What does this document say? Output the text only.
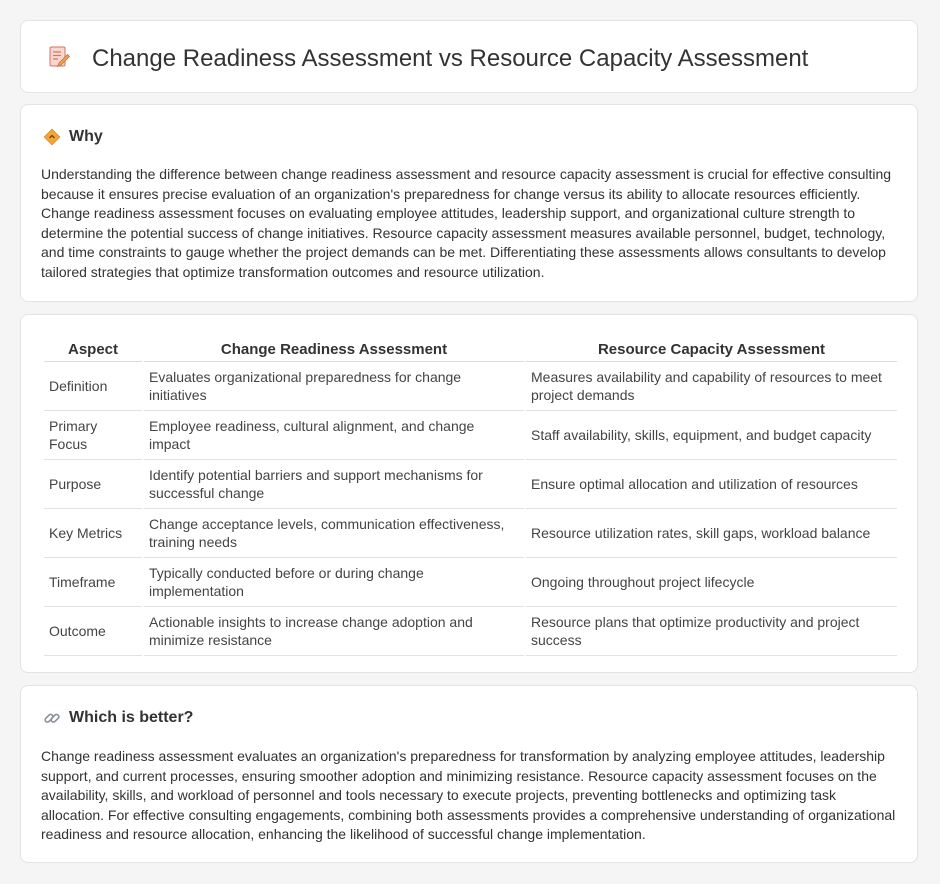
Change Readiness Assessment vs Resource Capacity Assessment
Why

Understanding the difference between change readiness assessment and resource capacity assessment is crucial for effective consulting because it ensures precise evaluation of an organization's preparedness for change versus its ability to allocate resources efficiently. Change readiness assessment focuses on evaluating employee attitudes, leadership support, and organizational culture strength to determine the potential success of change initiatives. Resource capacity assessment measures available personnel, budget, technology, and time constraints to gauge whether the project demands can be met. Differentiating these assessments allows consultants to develop tailored strategies that optimize transformation outcomes and resource utilization.

Aspect	Change Readiness Assessment	Resource Capacity Assessment
Definition	Evaluates organizational preparedness for change initiatives	Measures availability and capability of resources to meet project demands
Primary Focus	Employee readiness, cultural alignment, and change impact	Staff availability, skills, equipment, and budget capacity
Purpose	Identify potential barriers and support mechanisms for successful change	Ensure optimal allocation and utilization of resources
Key Metrics	Change acceptance levels, communication effectiveness, training needs	Resource utilization rates, skill gaps, workload balance
Timeframe	Typically conducted before or during change implementation	Ongoing throughout project lifecycle
Outcome	Actionable insights to increase change adoption and minimize resistance	Resource plans that optimize productivity and project success
Which is better?

Change readiness assessment evaluates an organization's preparedness for transformation by analyzing employee attitudes, leadership support, and current processes, ensuring smoother adoption and minimizing resistance. Resource capacity assessment focuses on the availability, skills, and workload of personnel and tools necessary to execute projects, preventing bottlenecks and optimizing task allocation. For effective consulting engagements, combining both assessments provides a comprehensive understanding of organizational readiness and resource allocation, enhancing the likelihood of successful change implementation.
